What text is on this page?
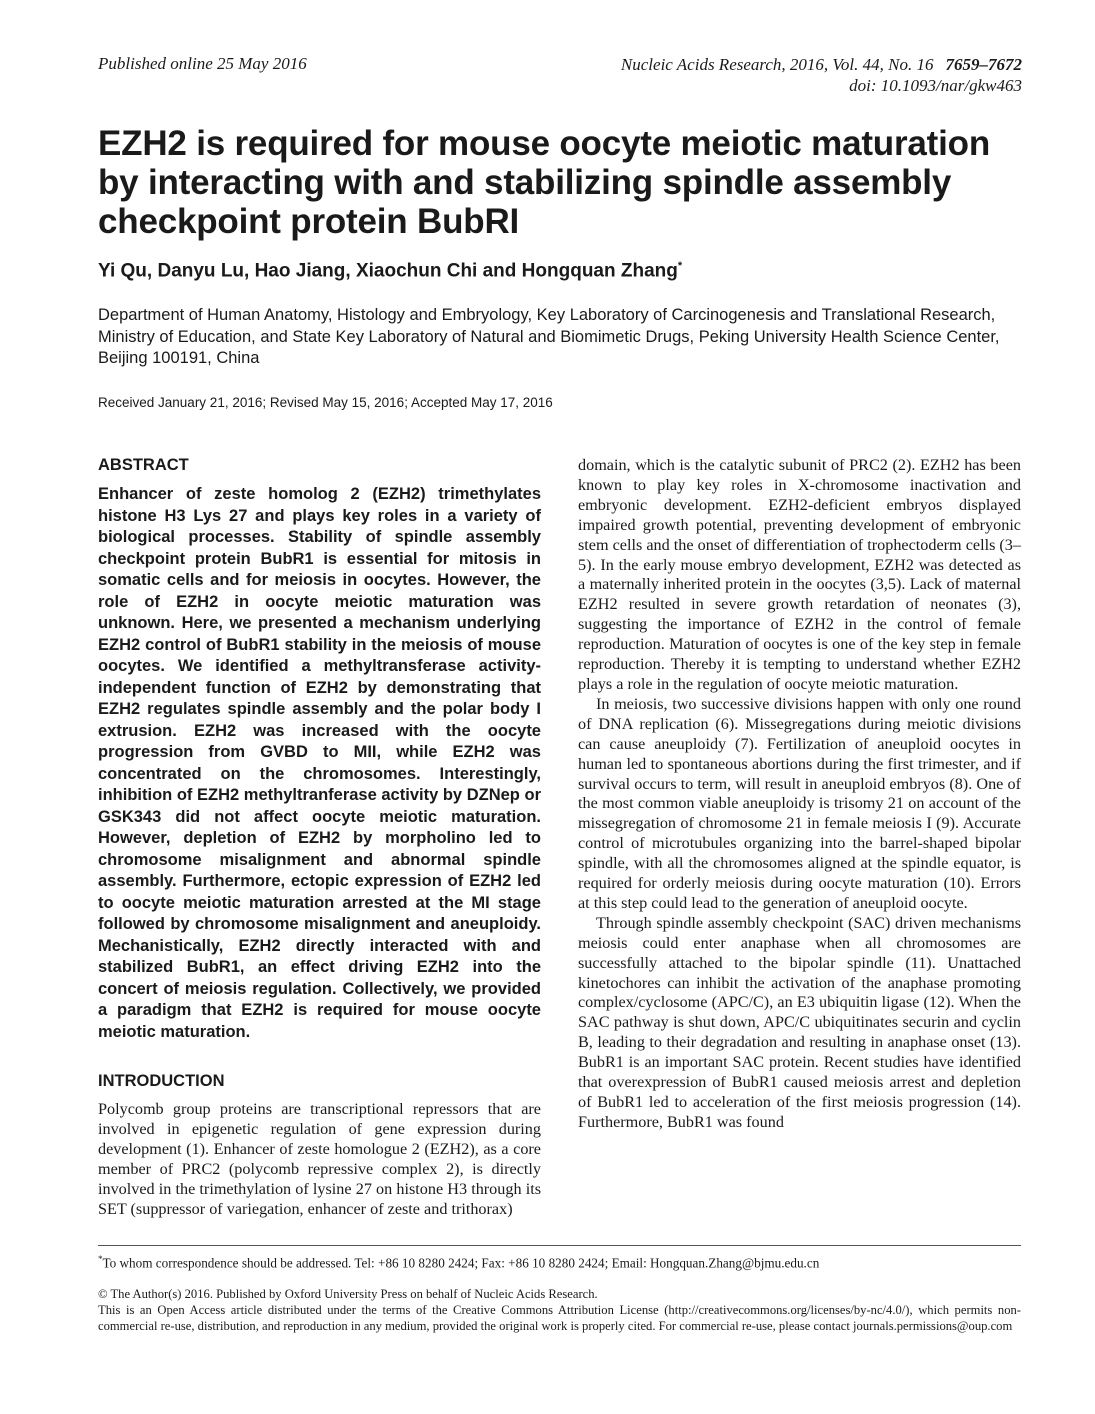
Published online 25 May 2016	Nucleic Acids Research, 2016, Vol. 44, No. 16 7659–7672
doi: 10.1093/nar/gkw463
EZH2 is required for mouse oocyte meiotic maturation by interacting with and stabilizing spindle assembly checkpoint protein BubRI
Yi Qu, Danyu Lu, Hao Jiang, Xiaochun Chi and Hongquan Zhang*
Department of Human Anatomy, Histology and Embryology, Key Laboratory of Carcinogenesis and Translational Research, Ministry of Education, and State Key Laboratory of Natural and Biomimetic Drugs, Peking University Health Science Center, Beijing 100191, China
Received January 21, 2016; Revised May 15, 2016; Accepted May 17, 2016
ABSTRACT

Enhancer of zeste homolog 2 (EZH2) trimethylates histone H3 Lys 27 and plays key roles in a variety of biological processes. Stability of spindle assembly checkpoint protein BubR1 is essential for mitosis in somatic cells and for meiosis in oocytes. However, the role of EZH2 in oocyte meiotic maturation was unknown. Here, we presented a mechanism underlying EZH2 control of BubR1 stability in the meiosis of mouse oocytes. We identified a methyltransferase activity-independent function of EZH2 by demonstrating that EZH2 regulates spindle assembly and the polar body I extrusion. EZH2 was increased with the oocyte progression from GVBD to MII, while EZH2 was concentrated on the chromosomes. Interestingly, inhibition of EZH2 methyltranferase activity by DZNep or GSK343 did not affect oocyte meiotic maturation. However, depletion of EZH2 by morpholino led to chromosome misalignment and abnormal spindle assembly. Furthermore, ectopic expression of EZH2 led to oocyte meiotic maturation arrested at the MI stage followed by chromosome misalignment and aneuploidy. Mechanistically, EZH2 directly interacted with and stabilized BubR1, an effect driving EZH2 into the concert of meiosis regulation. Collectively, we provided a paradigm that EZH2 is required for mouse oocyte meiotic maturation.

INTRODUCTION

Polycomb group proteins are transcriptional repressors that are involved in epigenetic regulation of gene expression during development (1). Enhancer of zeste homologue 2 (EZH2), as a core member of PRC2 (polycomb repressive complex 2), is directly involved in the trimethylation of lysine 27 on histone H3 through its SET (suppressor of variegation, enhancer of zeste and trithorax)

domain, which is the catalytic subunit of PRC2 (2). EZH2 has been known to play key roles in X-chromosome inactivation and embryonic development. EZH2-deficient embryos displayed impaired growth potential, preventing development of embryonic stem cells and the onset of differentiation of trophectoderm cells (3–5). In the early mouse embryo development, EZH2 was detected as a maternally inherited protein in the oocytes (3,5). Lack of maternal EZH2 resulted in severe growth retardation of neonates (3), suggesting the importance of EZH2 in the control of female reproduction. Maturation of oocytes is one of the key step in female reproduction. Thereby it is tempting to understand whether EZH2 plays a role in the regulation of oocyte meiotic maturation.

In meiosis, two successive divisions happen with only one round of DNA replication (6). Missegregations during meiotic divisions can cause aneuploidy (7). Fertilization of aneuploid oocytes in human led to spontaneous abortions during the first trimester, and if survival occurs to term, will result in aneuploid embryos (8). One of the most common viable aneuploidy is trisomy 21 on account of the missegregation of chromosome 21 in female meiosis I (9). Accurate control of microtubules organizing into the barrel-shaped bipolar spindle, with all the chromosomes aligned at the spindle equator, is required for orderly meiosis during oocyte maturation (10). Errors at this step could lead to the generation of aneuploid oocyte.

Through spindle assembly checkpoint (SAC) driven mechanisms meiosis could enter anaphase when all chromosomes are successfully attached to the bipolar spindle (11). Unattached kinetochores can inhibit the activation of the anaphase promoting complex/cyclosome (APC/C), an E3 ubiquitin ligase (12). When the SAC pathway is shut down, APC/C ubiquitinates securin and cyclin B, leading to their degradation and resulting in anaphase onset (13). BubR1 is an important SAC protein. Recent studies have identified that overexpression of BubR1 caused meiosis arrest and depletion of BubR1 led to acceleration of the first meiosis progression (14). Furthermore, BubR1 was found

*To whom correspondence should be addressed. Tel: +86 10 8280 2424; Fax: +86 10 8280 2424; Email: Hongquan.Zhang@bjmu.edu.cn
© The Author(s) 2016. Published by Oxford University Press on behalf of Nucleic Acids Research.
This is an Open Access article distributed under the terms of the Creative Commons Attribution License (http://creativecommons.org/licenses/by-nc/4.0/), which permits non-commercial re-use, distribution, and reproduction in any medium, provided the original work is properly cited. For commercial re-use, please contact journals.permissions@oup.com
